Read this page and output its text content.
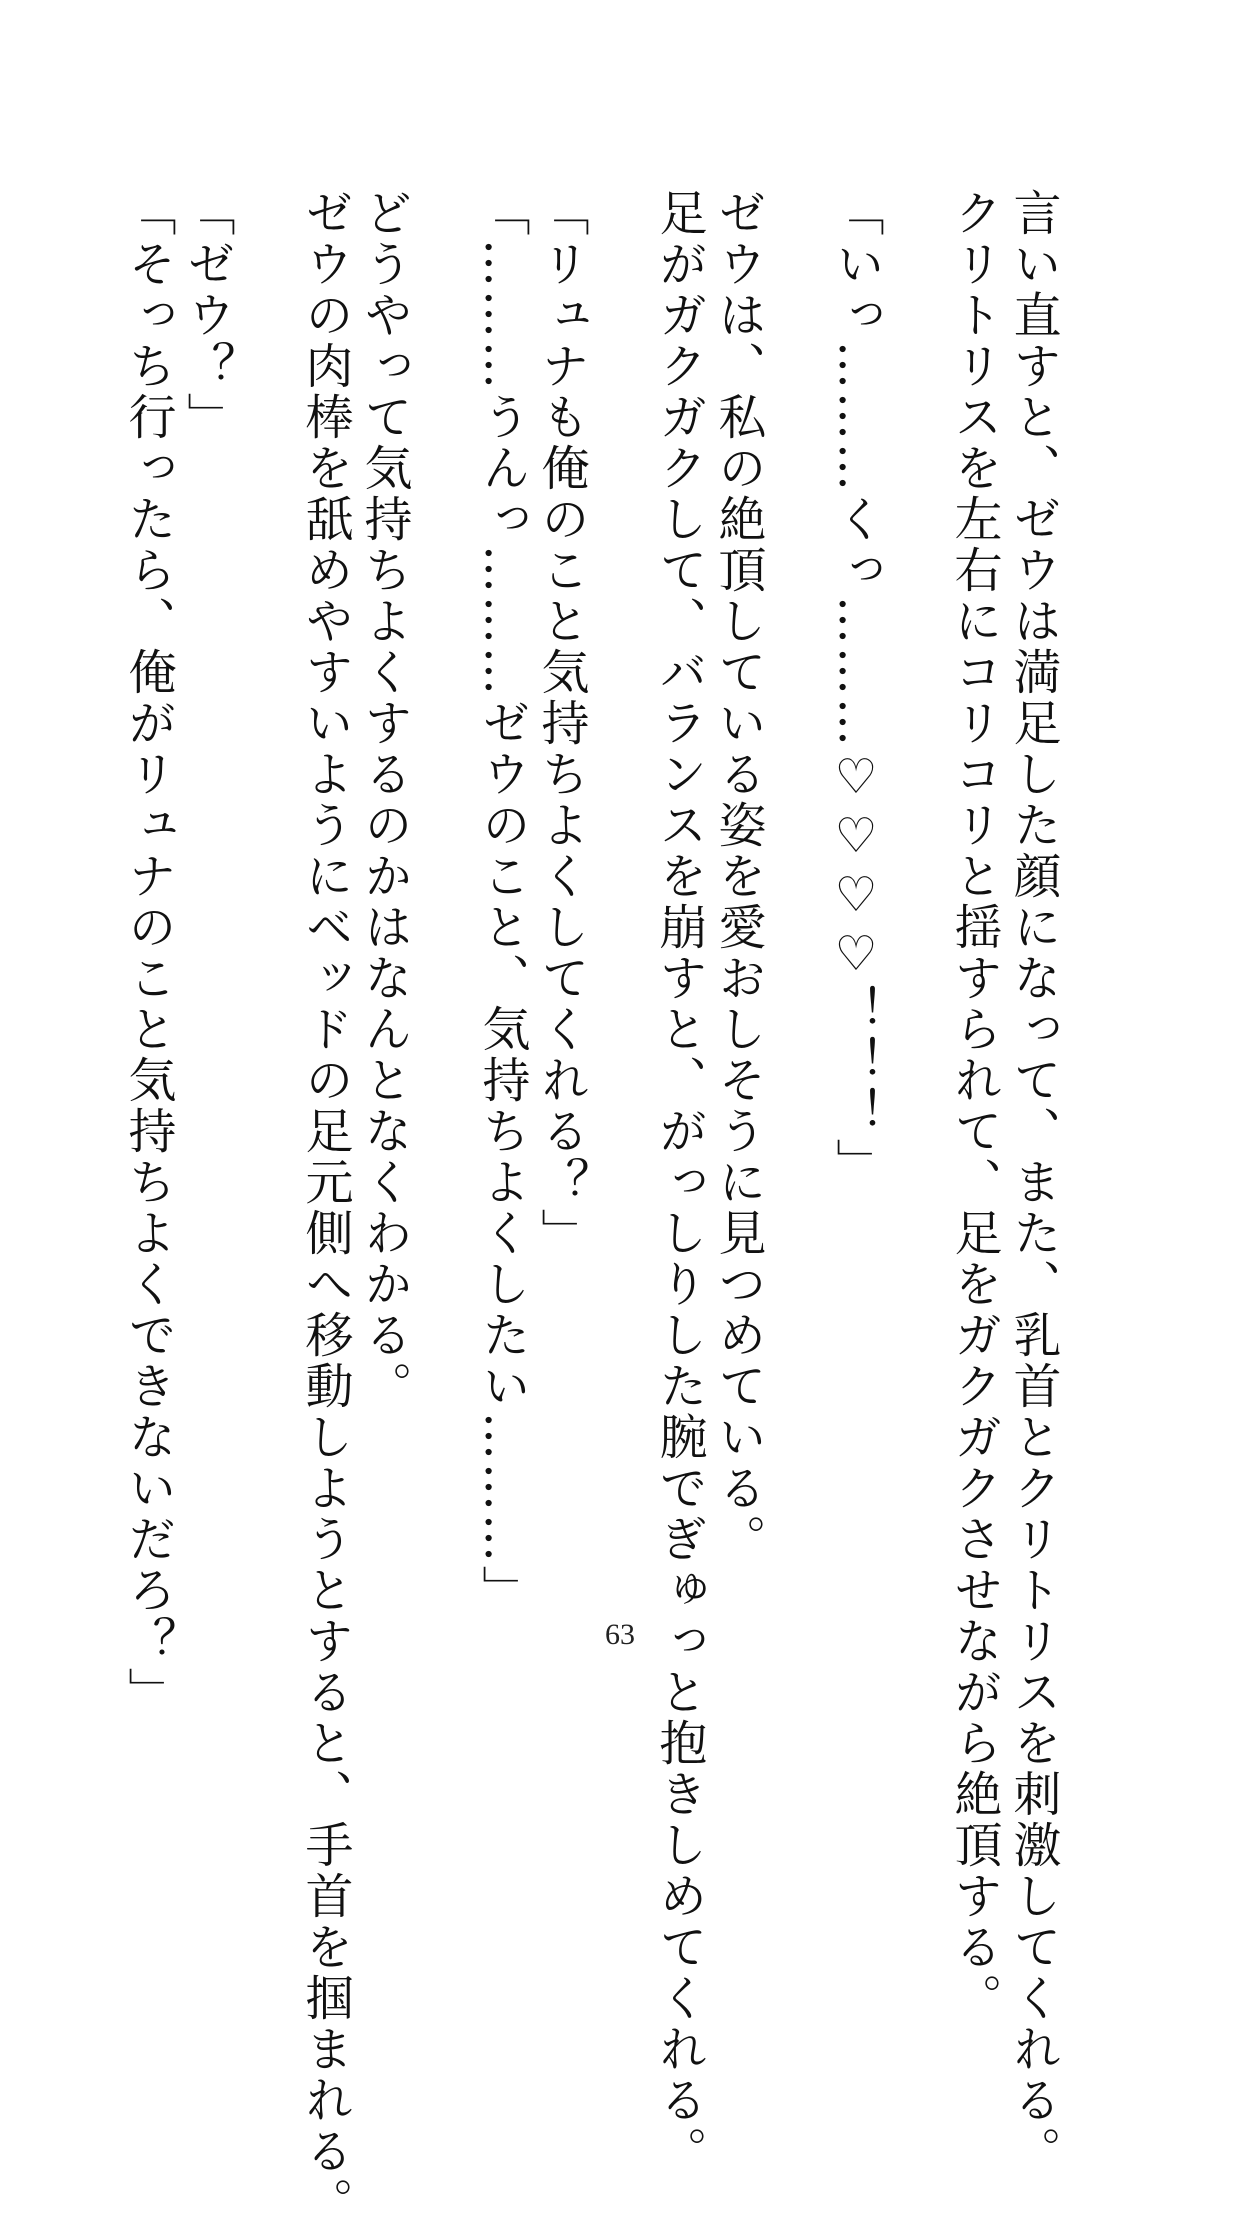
言い直すと、ゼウは満足した顔になって、また、乳首とクリトリスを刺激してくれる。
クリトリスを左右にコリコリと揺すられて、足をガクガクさせながら絶頂する。
「いっ………くっ………♡♡♡♡！！！」
ゼウは、私の絶頂している姿を愛おしそうに見つめている。
足がガクガクして、バランスを崩すと、がっしりした腕でぎゅっと抱きしめてくれる。
「リュナも俺のこと気持ちよくしてくれる？」
「………うんっ………ゼウのこと、気持ちよくしたい………」
どうやって気持ちよくするのかはなんとなくわかる。
ゼウの肉棒を舐めやすいようにベッドの足元側へ移動しようとすると、手首を掴まれる。
「ゼウ？」
「そっち行ったら、俺がリュナのこと気持ちよくできないだろ？」	63
